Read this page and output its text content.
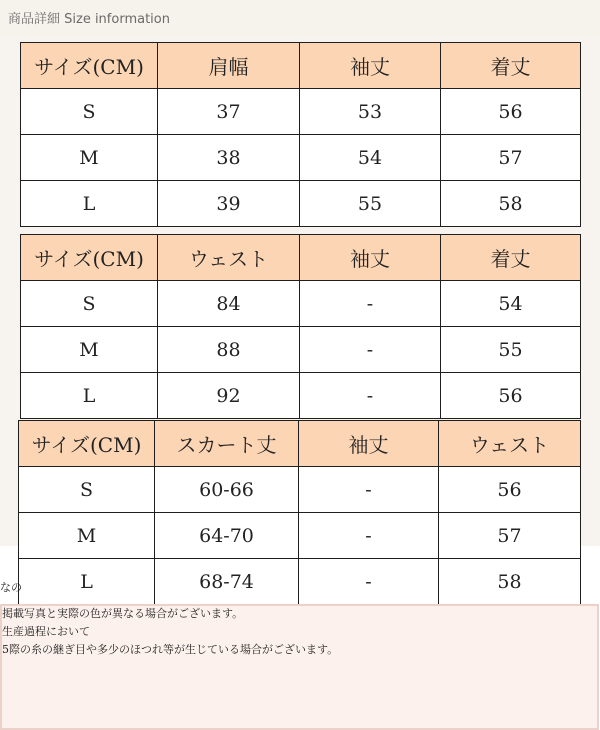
商品詳細 Size information
サイズ(CM)	肩幅	袖丈	着丈
S	37	53	56
M	38	54	57
L	39	55	58
サイズ(CM)	ウェスト	袖丈	着丈
S	84	-	54
M	88	-	55
L	92	-	56
サイズ(CM)	スカート丈	袖丈	ウェスト
S	60-66	-	56
M	64-70	-	57
L	68-74	-	58
なの
掲載写真と実際の色が異なる場合がございます。
生産過程において
5際の糸の継ぎ目や多少のほつれ等が生じている場合がございます。
